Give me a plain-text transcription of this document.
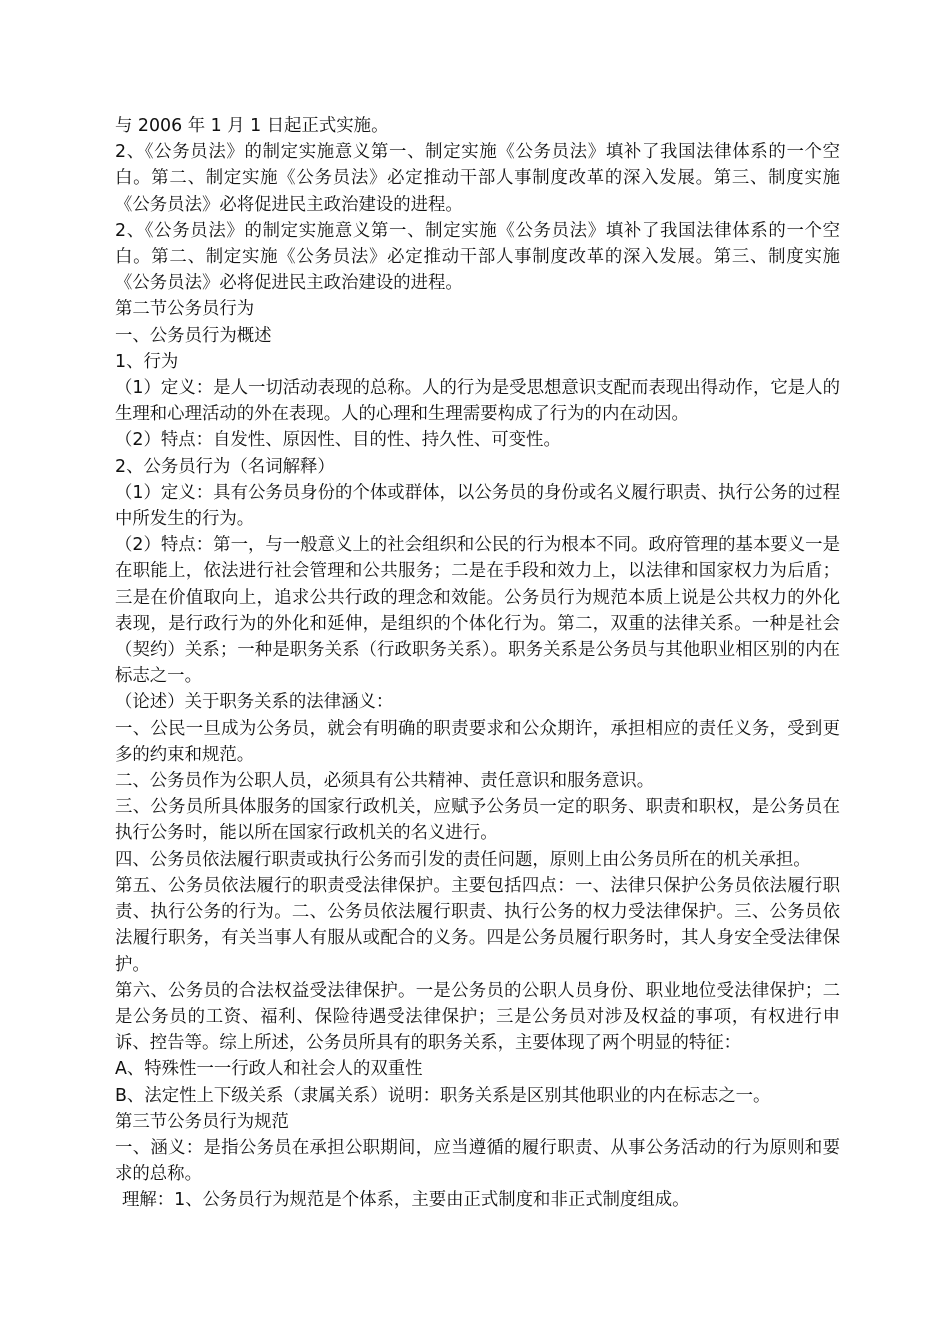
与 2006 年 1 月 1 日起正式实施。

2、《公务员法》的制定实施意义第一、制定实施《公务员法》填补了我国法律体系的一个空白。第二、制定实施《公务员法》必定推动干部人事制度改革的深入发展。第三、制度实施《公务员法》必将促进民主政治建设的进程。

2、《公务员法》的制定实施意义第一、制定实施《公务员法》填补了我国法律体系的一个空白。第二、制定实施《公务员法》必定推动干部人事制度改革的深入发展。第三、制度实施《公务员法》必将促进民主政治建设的进程。

第二节公务员行为

一、公务员行为概述

1、行为

（1）定义：是人一切活动表现的总称。人的行为是受思想意识支配而表现出得动作，它是人的生理和心理活动的外在表现。人的心理和生理需要构成了行为的内在动因。

（2）特点：自发性、原因性、目的性、持久性、可变性。

2、公务员行为（名词解释）

（1）定义：具有公务员身份的个体或群体，以公务员的身份或名义履行职责、执行公务的过程中所发生的行为。

（2）特点：第一，与一般意义上的社会组织和公民的行为根本不同。政府管理的基本要义一是在职能上，依法进行社会管理和公共服务；二是在手段和效力上，以法律和国家权力为后盾；三是在价值取向上，追求公共行政的理念和效能。公务员行为规范本质上说是公共权力的外化表现，是行政行为的外化和延伸，是组织的个体化行为。第二，双重的法律关系。一种是社会（契约）关系；一种是职务关系（行政职务关系）。职务关系是公务员与其他职业相区别的内在标志之一。

（论述）关于职务关系的法律涵义：

一、公民一旦成为公务员，就会有明确的职责要求和公众期许，承担相应的责任义务，受到更多的约束和规范。

二、公务员作为公职人员，必须具有公共精神、责任意识和服务意识。

三、公务员所具体服务的国家行政机关，应赋予公务员一定的职务、职责和职权，是公务员在执行公务时，能以所在国家行政机关的名义进行。

四、公务员依法履行职责或执行公务而引发的责任问题，原则上由公务员所在的机关承担。

第五、公务员依法履行的职责受法律保护。主要包括四点：一、法律只保护公务员依法履行职责、执行公务的行为。二、公务员依法履行职责、执行公务的权力受法律保护。三、公务员依法履行职务，有关当事人有服从或配合的义务。四是公务员履行职务时，其人身安全受法律保护。

第六、公务员的合法权益受法律保护。一是公务员的公职人员身份、职业地位受法律保护；二是公务员的工资、福利、保险待遇受法律保护；三是公务员对涉及权益的事项，有权进行申诉、控告等。综上所述，公务员所具有的职务关系，主要体现了两个明显的特征：

A、特殊性一一行政人和社会人的双重性

B、法定性上下级关系（隶属关系）说明：职务关系是区别其他职业的内在标志之一。

第三节公务员行为规范

一、涵义：是指公务员在承担公职期间，应当遵循的履行职责、从事公务活动的行为原则和要求的总称。

理解：1、公务员行为规范是个体系，主要由正式制度和非正式制度组成。
